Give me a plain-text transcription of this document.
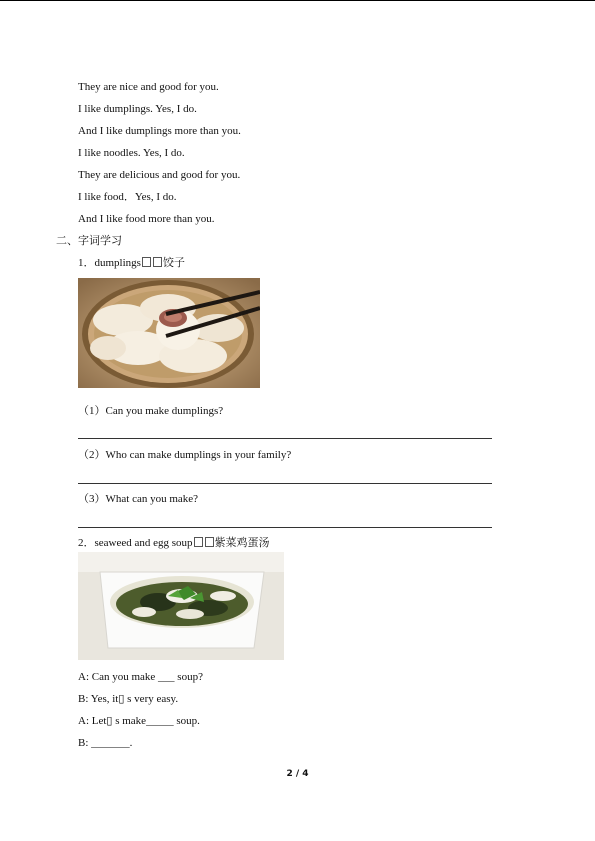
They are nice and good for you.
I like dumplings. Yes, I do.
And I like dumplings more than you.
I like noodles. Yes, I do.
They are delicious and good for you.
I like food．Yes, I do.
And I like food more than you.
二、字词学习
1．dumplings 饺子
（1）Can you make dumplings?
（2）Who can make dumplings in your family?
（3）What can you make?
2．seaweed and egg soup 紫菜鸡蛋汤
A: Can you make ___ soup?
B: Yes, it▯ s very easy.
A: Let▯ s make_____ soup.
B: _______.
2 / 4
